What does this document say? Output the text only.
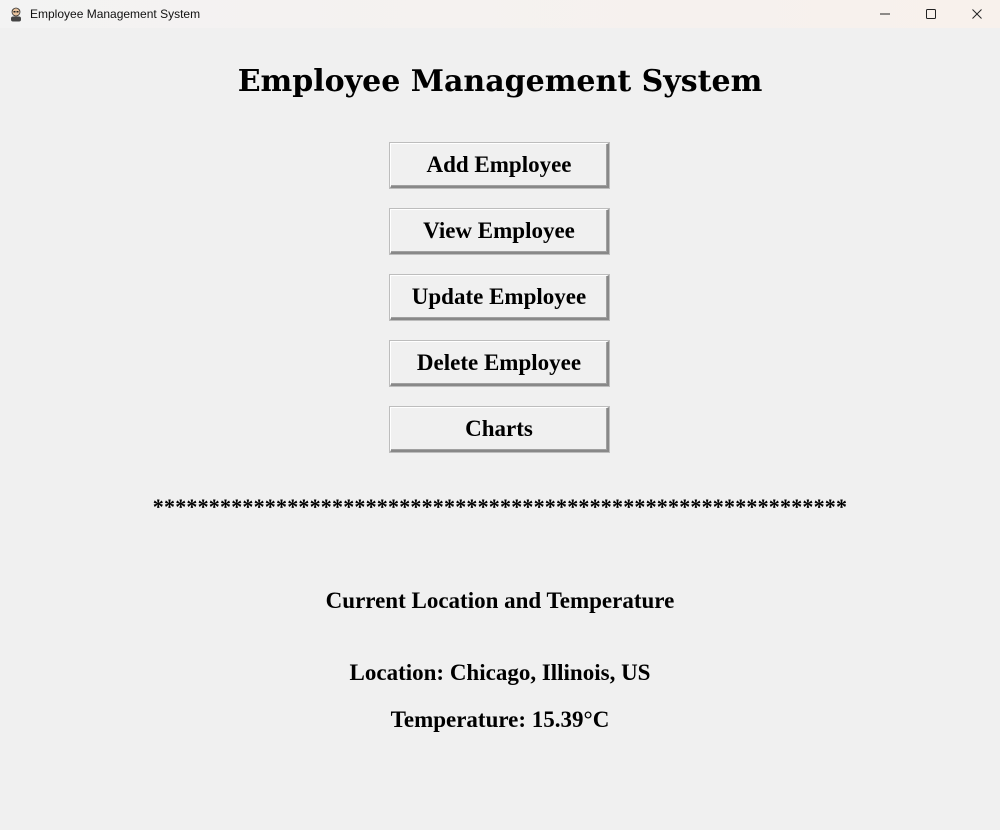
Employee Management System
Employee Management System
Add Employee
View Employee
Update Employee
Delete Employee
Charts
**************************************************************
Current Location and Temperature
Location: Chicago, Illinois, US
Temperature: 15.39°C
